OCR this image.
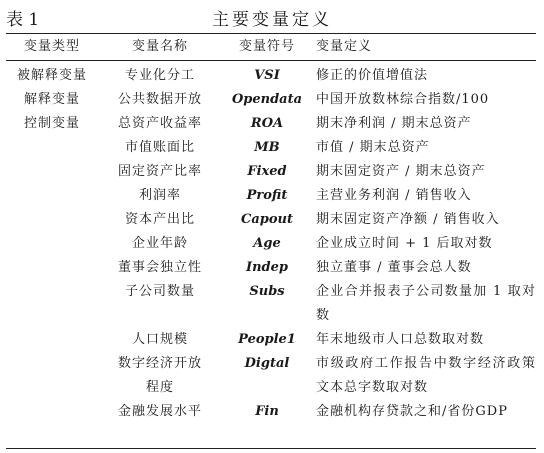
表 1	主要变量定义
变量类型	变量名称	变量符号	变量定义
被解释变量	专业化分工	VSI	修正的价值增值法
解释变量	公共数据开放	Opendata	中国开放数林综合指数/100
控制变量	总资产收益率	ROA	期末净利润 / 期末总资产
	市值账面比	MB	市值 / 期末总资产
	固定资产比率	Fixed	期末固定资产 / 期末总资产
	利润率	Profit	主营业务利润 / 销售收入
	资本产出比	Capout	期末固定资产净额 / 销售收入
	企业年龄	Age	企业成立时间 + 1 后取对数
	董事会独立性	Indep	独立董事 / 董事会总人数
	子公司数量	Subs	企业合并报表子公司数量加 1 取对数
	人口规模	People1	年末地级市人口总数取对数
	数字经济开放程度	Digtal	市级政府工作报告中数字经济政策文本总字数取对数
	金融发展水平	Fin	金融机构存贷款之和/省份GDP
